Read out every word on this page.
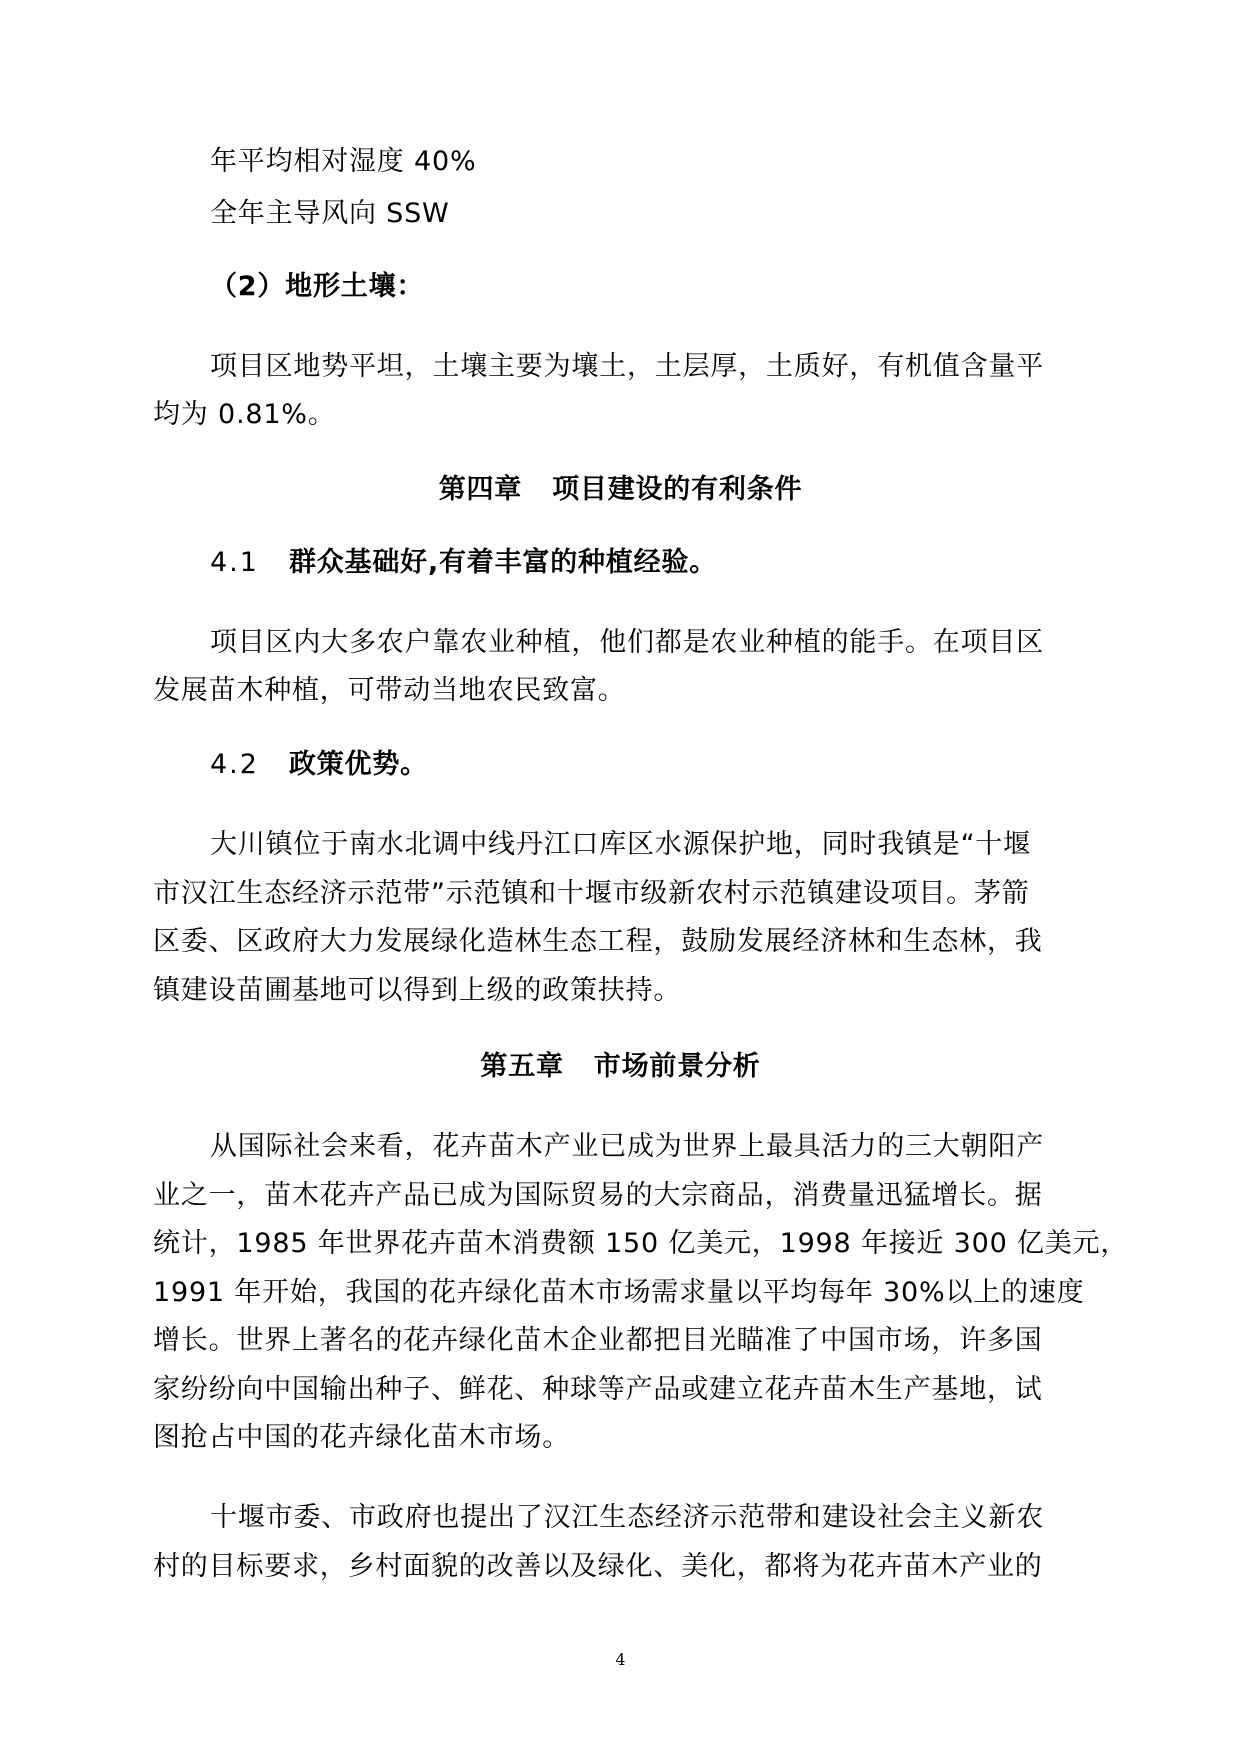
年平均相对湿度 40%
全年主导风向 SSW
（2）地形土壤：
项目区地势平坦，土壤主要为壤土，土层厚，土质好，有机值含量平
均为 0.81%。
第四章 项目建设的有利条件
4.1 群众基础好,有着丰富的种植经验。
项目区内大多农户靠农业种植，他们都是农业种植的能手。在项目区
发展苗木种植，可带动当地农民致富。
4.2 政策优势。
大川镇位于南水北调中线丹江口库区水源保护地，同时我镇是“十堰
市汉江生态经济示范带”示范镇和十堰市级新农村示范镇建设项目。茅箭
区委、区政府大力发展绿化造林生态工程，鼓励发展经济林和生态林，我
镇建设苗圃基地可以得到上级的政策扶持。
第五章 市场前景分析
从国际社会来看，花卉苗木产业已成为世界上最具活力的三大朝阳产
业之一，苗木花卉产品已成为国际贸易的大宗商品，消费量迅猛增长。据
统计，1985 年世界花卉苗木消费额 150 亿美元，1998 年接近 300 亿美元，
1991 年开始，我国的花卉绿化苗木市场需求量以平均每年 30%以上的速度
增长。世界上著名的花卉绿化苗木企业都把目光瞄准了中国市场，许多国
家纷纷向中国输出种子、鲜花、种球等产品或建立花卉苗木生产基地，试
图抢占中国的花卉绿化苗木市场。
十堰市委、市政府也提出了汉江生态经济示范带和建设社会主义新农
村的目标要求，乡村面貌的改善以及绿化、美化，都将为花卉苗木产业的
4
